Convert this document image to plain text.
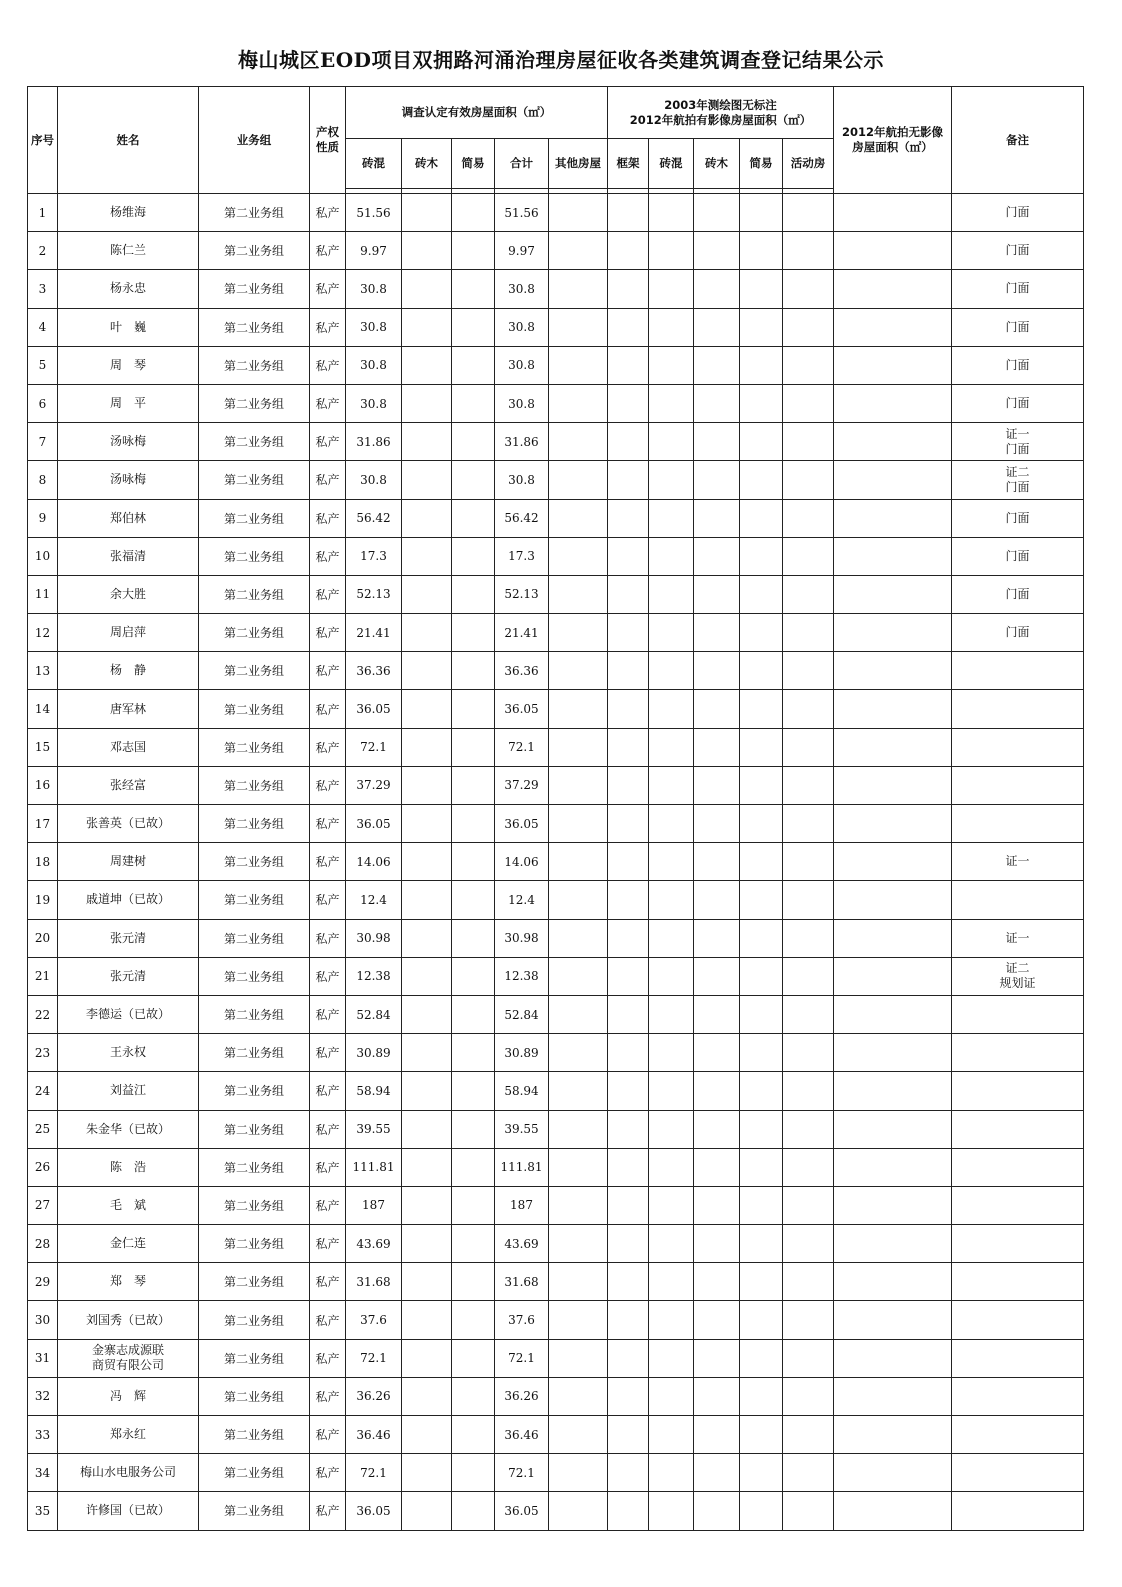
梅山城区EOD项目双拥路河涌治理房屋征收各类建筑调查登记结果公示
序号	姓名	业务组	产权
性质	调查认定有效房屋面积（㎡）					2003年测绘图无标注
2012年航拍有影像房屋面积（㎡）					2012年航拍无影像
房屋面积（㎡）	备注
				砖混	砖木	简易	合计	其他房屋	框架	砖混	砖木	简易	活动房		

1	杨维海	第二业务组	私产	51.56			51.56								门面
2	陈仁兰	第二业务组	私产	9.97			9.97								门面
3	杨永忠	第二业务组	私产	30.8			30.8								门面
4	叶　巍	第二业务组	私产	30.8			30.8								门面
5	周　琴	第二业务组	私产	30.8			30.8								门面
6	周　平	第二业务组	私产	30.8			30.8								门面
7	汤咏梅	第二业务组	私产	31.86			31.86								证一
门面
8	汤咏梅	第二业务组	私产	30.8			30.8								证二
门面
9	郑伯林	第二业务组	私产	56.42			56.42								门面
10	张福清	第二业务组	私产	17.3			17.3								门面
11	余大胜	第二业务组	私产	52.13			52.13								门面
12	周启萍	第二业务组	私产	21.41			21.41								门面
13	杨　静	第二业务组	私产	36.36			36.36								
14	唐军林	第二业务组	私产	36.05			36.05								
15	邓志国	第二业务组	私产	72.1			72.1								
16	张经富	第二业务组	私产	37.29			37.29								
17	张善英（已故）	第二业务组	私产	36.05			36.05								
18	周建树	第二业务组	私产	14.06			14.06								证一
19	戚道坤（已故）	第二业务组	私产	12.4			12.4								
20	张元清	第二业务组	私产	30.98			30.98								证一
21	张元清	第二业务组	私产	12.38			12.38								证二
规划证
22	李德运（已故）	第二业务组	私产	52.84			52.84								
23	王永权	第二业务组	私产	30.89			30.89								
24	刘益江	第二业务组	私产	58.94			58.94								
25	朱金华（已故）	第二业务组	私产	39.55			39.55								
26	陈　浩	第二业务组	私产	111.81			111.81								
27	毛　斌	第二业务组	私产	187			187								
28	金仁连	第二业务组	私产	43.69			43.69								
29	郑　琴	第二业务组	私产	31.68			31.68								
30	刘国秀（已故）	第二业务组	私产	37.6			37.6								
31	金寨志成源联
商贸有限公司	第二业务组	私产	72.1			72.1								
32	冯　辉	第二业务组	私产	36.26			36.26								
33	郑永红	第二业务组	私产	36.46			36.46								
34	梅山水电服务公司	第二业务组	私产	72.1			72.1								
35	许修国（已故）	第二业务组	私产	36.05			36.05								
